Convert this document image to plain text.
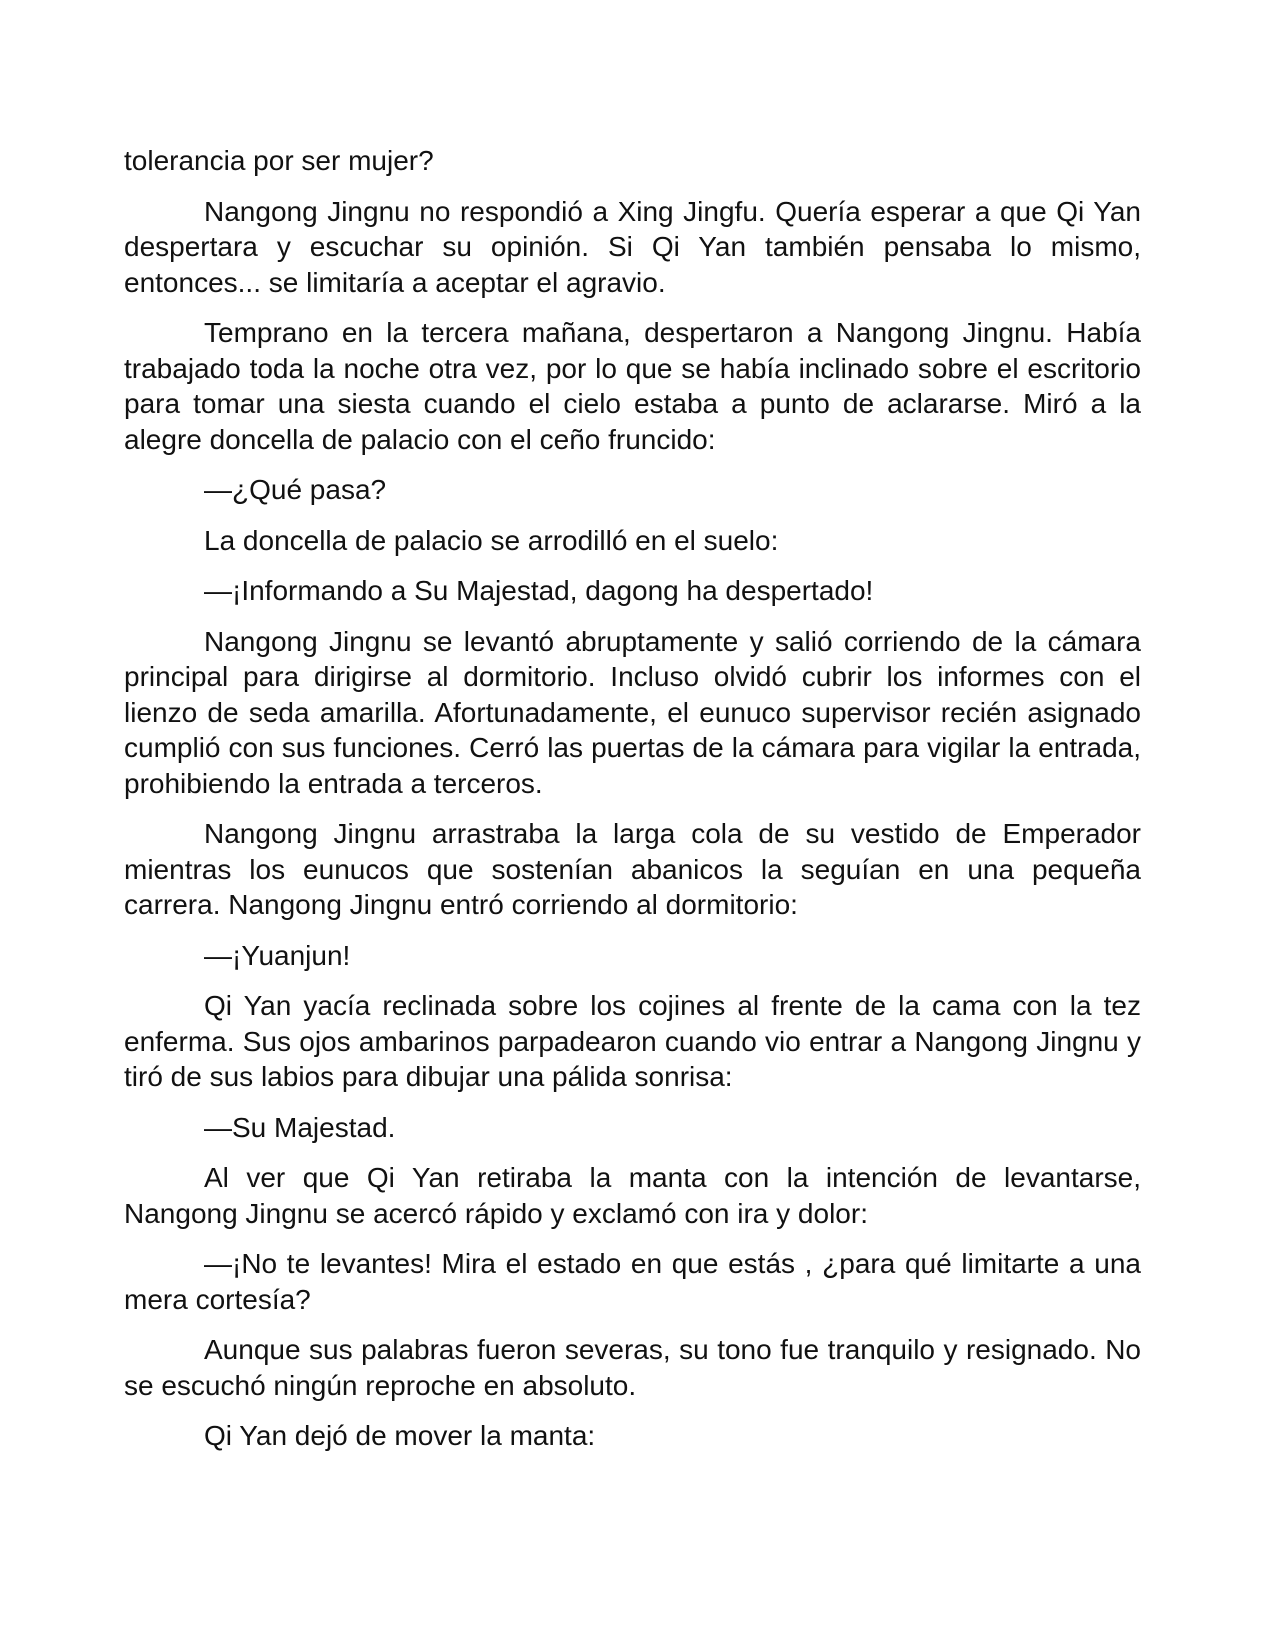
tolerancia por ser mujer?

Nangong Jingnu no respondió a Xing Jingfu. Quería esperar a que Qi Yan despertara y escuchar su opinión. Si Qi Yan también pensaba lo mismo, entonces... se limitaría a aceptar el agravio.

Temprano en la tercera mañana, despertaron a Nangong Jingnu. Había trabajado toda la noche otra vez, por lo que se había inclinado sobre el escritorio para tomar una siesta cuando el cielo estaba a punto de aclararse. Miró a la alegre doncella de palacio con el ceño fruncido:

—¿Qué pasa?

La doncella de palacio se arrodilló en el suelo:

—¡Informando a Su Majestad, dagong ha despertado!

Nangong Jingnu se levantó abruptamente y salió corriendo de la cámara principal para dirigirse al dormitorio. Incluso olvidó cubrir los informes con el lienzo de seda amarilla. Afortunadamente, el eunuco supervisor recién asignado cumplió con sus funciones. Cerró las puertas de la cámara para vigilar la entrada, prohibiendo la entrada a terceros.

Nangong Jingnu arrastraba la larga cola de su vestido de Emperador mientras los eunucos que sostenían abanicos la seguían en una pequeña carrera. Nangong Jingnu entró corriendo al dormitorio:

—¡Yuanjun!

Qi Yan yacía reclinada sobre los cojines al frente de la cama con la tez enferma. Sus ojos ambarinos parpadearon cuando vio entrar a Nangong Jingnu y tiró de sus labios para dibujar una pálida sonrisa:

—Su Majestad.

Al ver que Qi Yan retiraba la manta con la intención de levantarse, Nangong Jingnu se acercó rápido y exclamó con ira y dolor:

—¡No te levantes! Mira el estado en que estás , ¿para qué limitarte a una mera cortesía?

Aunque sus palabras fueron severas, su tono fue tranquilo y resignado. No se escuchó ningún reproche en absoluto.

Qi Yan dejó de mover la manta:
